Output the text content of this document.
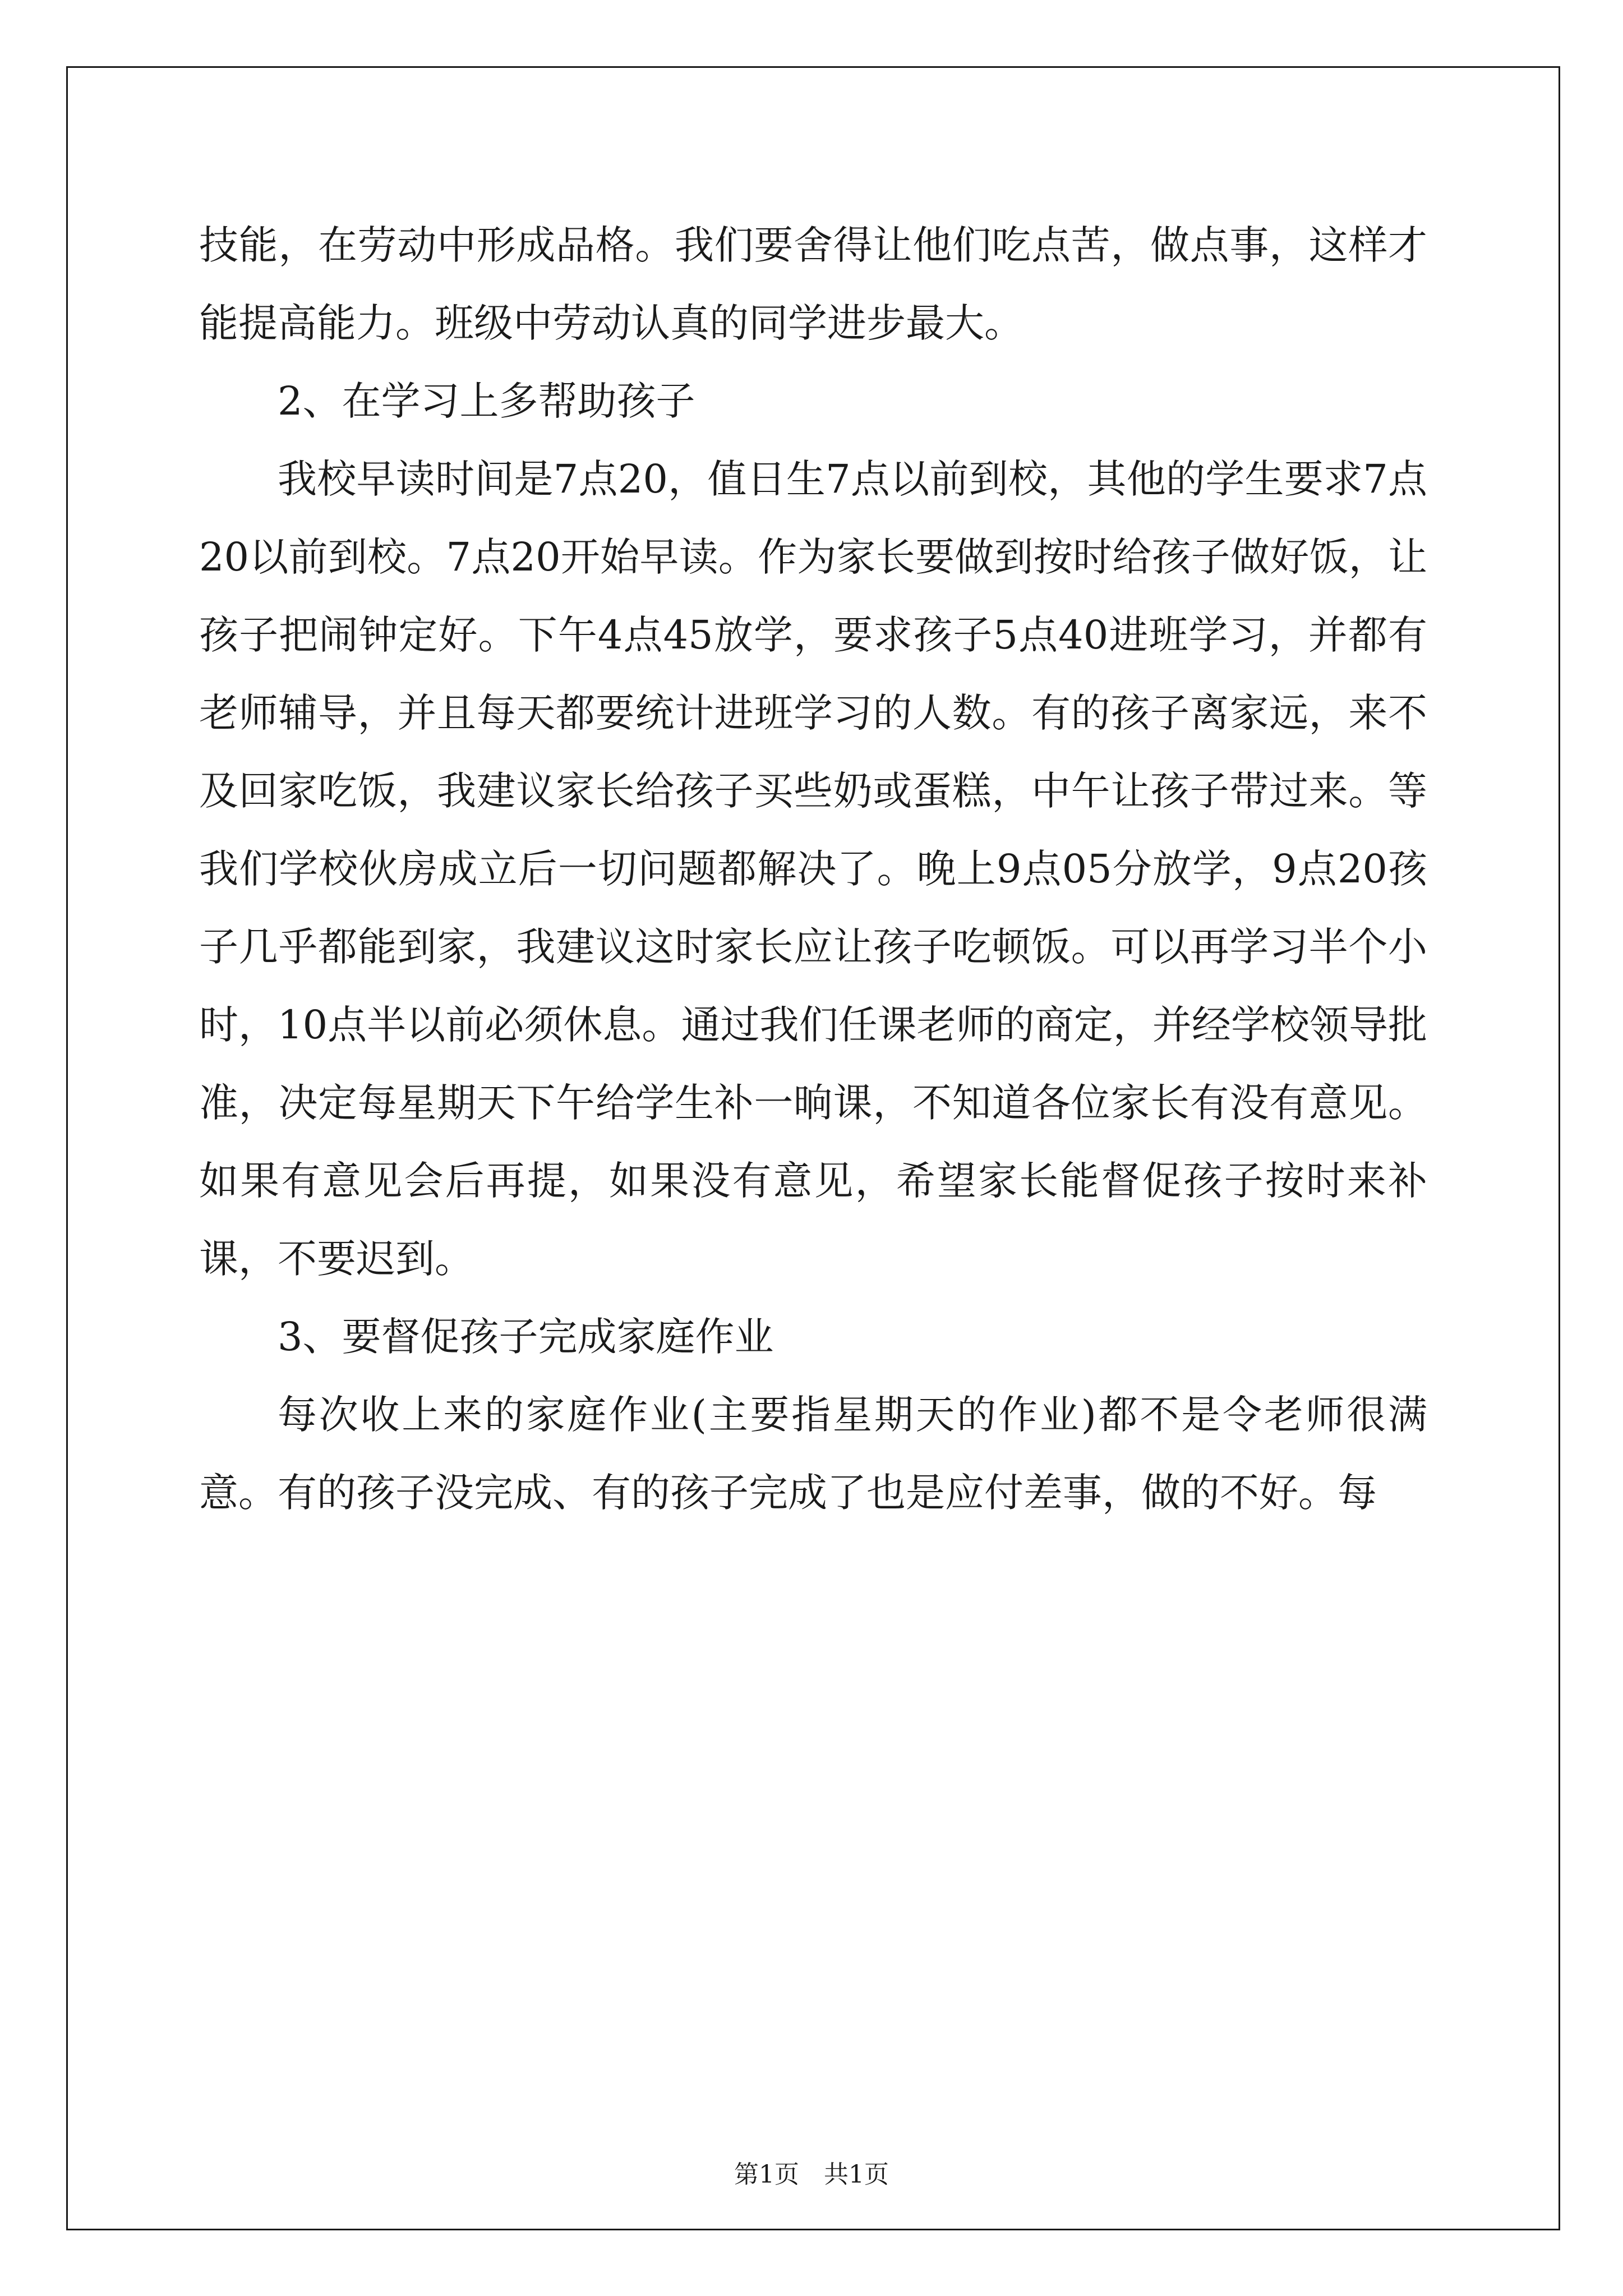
技能，在劳动中形成品格。我们要舍得让他们吃点苦，做点事，这样才能提高能力。班级中劳动认真的同学进步最大。

2、在学习上多帮助孩子

我校早读时间是7点20，值日生7点以前到校，其他的学生要求7点20以前到校。7点20开始早读。作为家长要做到按时给孩子做好饭，让孩子把闹钟定好。下午4点45放学，要求孩子5点40进班学习，并都有老师辅导，并且每天都要统计进班学习的人数。有的孩子离家远，来不及回家吃饭，我建议家长给孩子买些奶或蛋糕，中午让孩子带过来。等我们学校伙房成立后一切问题都解决了。晚上9点05分放学，9点20孩子几乎都能到家，我建议这时家长应让孩子吃顿饭。可以再学习半个小时，10点半以前必须休息。通过我们任课老师的商定，并经学校领导批准，决定每星期天下午给学生补一晌课，不知道各位家长有没有意见。如果有意见会后再提，如果没有意见，希望家长能督促孩子按时来补课，不要迟到。

3、要督促孩子完成家庭作业

每次收上来的家庭作业(主要指星期天的作业)都不是令老师很满意。有的孩子没完成、有的孩子完成了也是应付差事，做的不好。每

第1页　共1页
